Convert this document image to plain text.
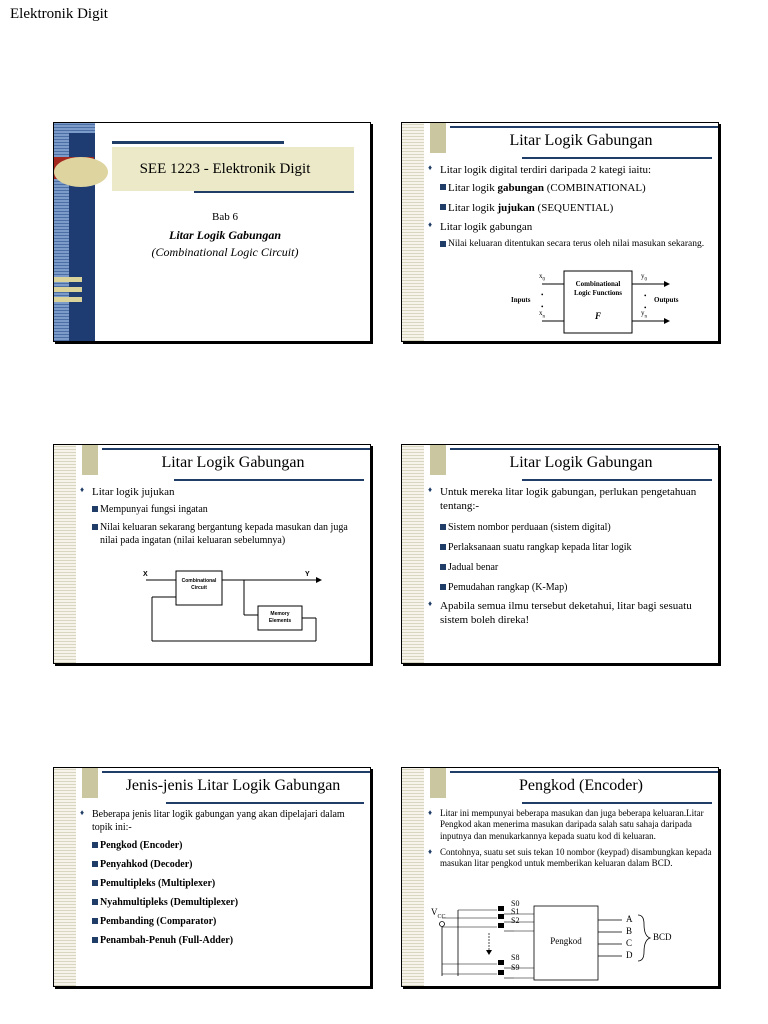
Elektronik Digit
SEE 1223 - Elektronik Digit
Bab 6
Litar Logik Gabungan
(Combinational Logic Circuit)
Litar Logik Gabungan
♦ Litar logik digital terdiri daripada 2 kategi iaitu:
Litar logik gabungan (COMBINATIONAL)
Litar logik jujukan (SEQUENTIAL)
♦ Litar logik gabungan
Nilai keluaran ditentukan secara terus oleh nilai masukan sekarang.
•
•
•
•
Combinational
Logic Functions
F
Inputs	Outputs
$x_0$
$x_n$
$y_0$
$y_n$
Litar Logik Gabungan
♦ Litar logik jujukan
Mempunyai fungsi ingatan
Nilai keluaran sekarang bergantung kepada masukan dan juga nilai pada ingatan (nilai keluaran sebelumnya)
X	Y
Combinational
Circuit
Memory
Elements
Litar Logik Gabungan
♦ Untuk mereka litar logik gabungan, perlukan pengetahuan tentang:-
Sistem nombor perduaan (sistem digital)
Perlaksanaan suatu rangkap kepada litar logik
Jadual benar
Pemudahan rangkap (K-Map)
♦ Apabila semua ilmu tersebut deketahui, litar bagi sesuatu sistem boleh direka!
Jenis-jenis Litar Logik Gabungan
♦ Beberapa jenis litar logik gabungan yang akan dipelajari dalam topik ini:-
Pengkod (Encoder)
Penyahkod (Decoder)
Pemultipleks (Multiplexer)
Nyahmultipleks (Demultiplexer)
Pembanding (Comparator)
Penambah-Penuh (Full-Adder)
Pengkod (Encoder)
♦ Litar ini mempunyai beberapa masukan dan juga beberapa keluaran.Litar Pengkod akan menerima masukan daripada salah satu sahaja daripada inputnya dan menukarkannya kepada suatu kod di keluaran.
♦ Contohnya, suatu set suis tekan 10 nombor (keypad) disambungkan kepada masukan litar pengkod untuk memberikan keluaran dalam BCD.
$V_{CC}$
S0
S1
S2
S8
S9
Pengkod
A
B
C
D
BCD
